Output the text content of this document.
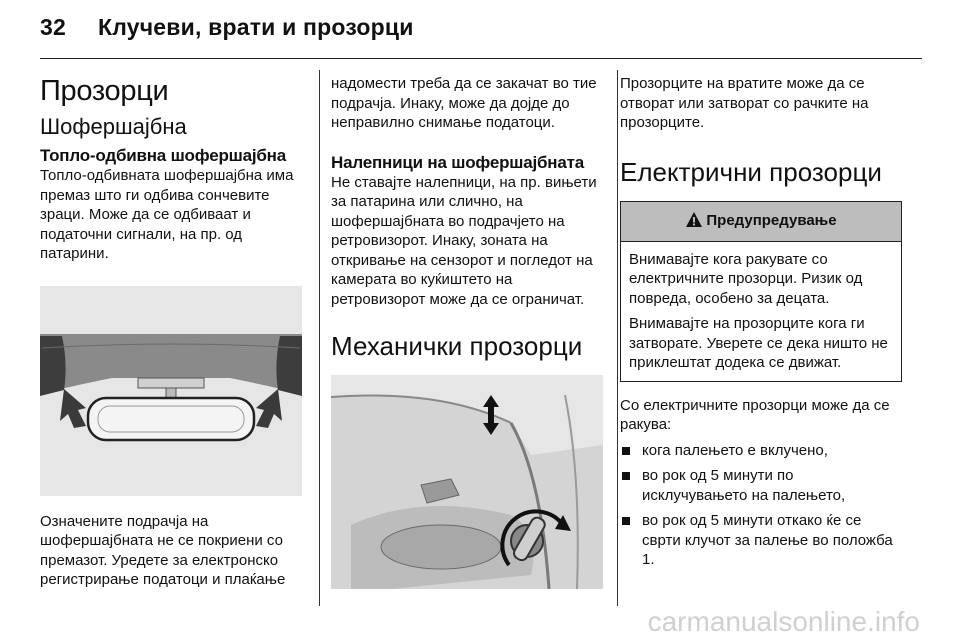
32 Клучеви, врати и прозорци
Прозорци
Шофершајбна
Топло-одбивна шофершајбна

Топло-одбивната шофершајбна има премаз што ги одбива сончевите зраци. Може да се одбиваат и податочни сигнали, на пр. од патарини.

Означените подрачја на шофершајбната не се покриени со премазот. Уредете за електронско регистрирање податоци и плаќање

надомести треба да се закачат во тие подрачја. Инаку, може да дојде до неправилно снимање податоци.

Налепници на шофершајбната

Не ставајте налепници, на пр. вињети за патарина или слично, на шофершајбната во подрачјето на ретровизорот. Инаку, зоната на откривање на сензорот и погледот на камерата во куќиштето на ретровизорот може да се ограничат.

Механички прозорци

Прозорците на вратите може да се отворат или затворат со рачките на прозорците.

Електрични прозорци
Предупредување

Внимавајте кога ракувате со електричните прозорци. Ризик од повреда, особено за децата.

Внимавајте на прозорците кога ги затворате. Уверете се дека ништо не приклештат додека се движат.

Со електричните прозорци може да се ракува:

кога палењето е вклучено,
во рок од 5 минути по исклучувањето на палењето,
во рок од 5 минути откако ќе се сврти клучот за палење во положба 1.
carmanualsonline.info
